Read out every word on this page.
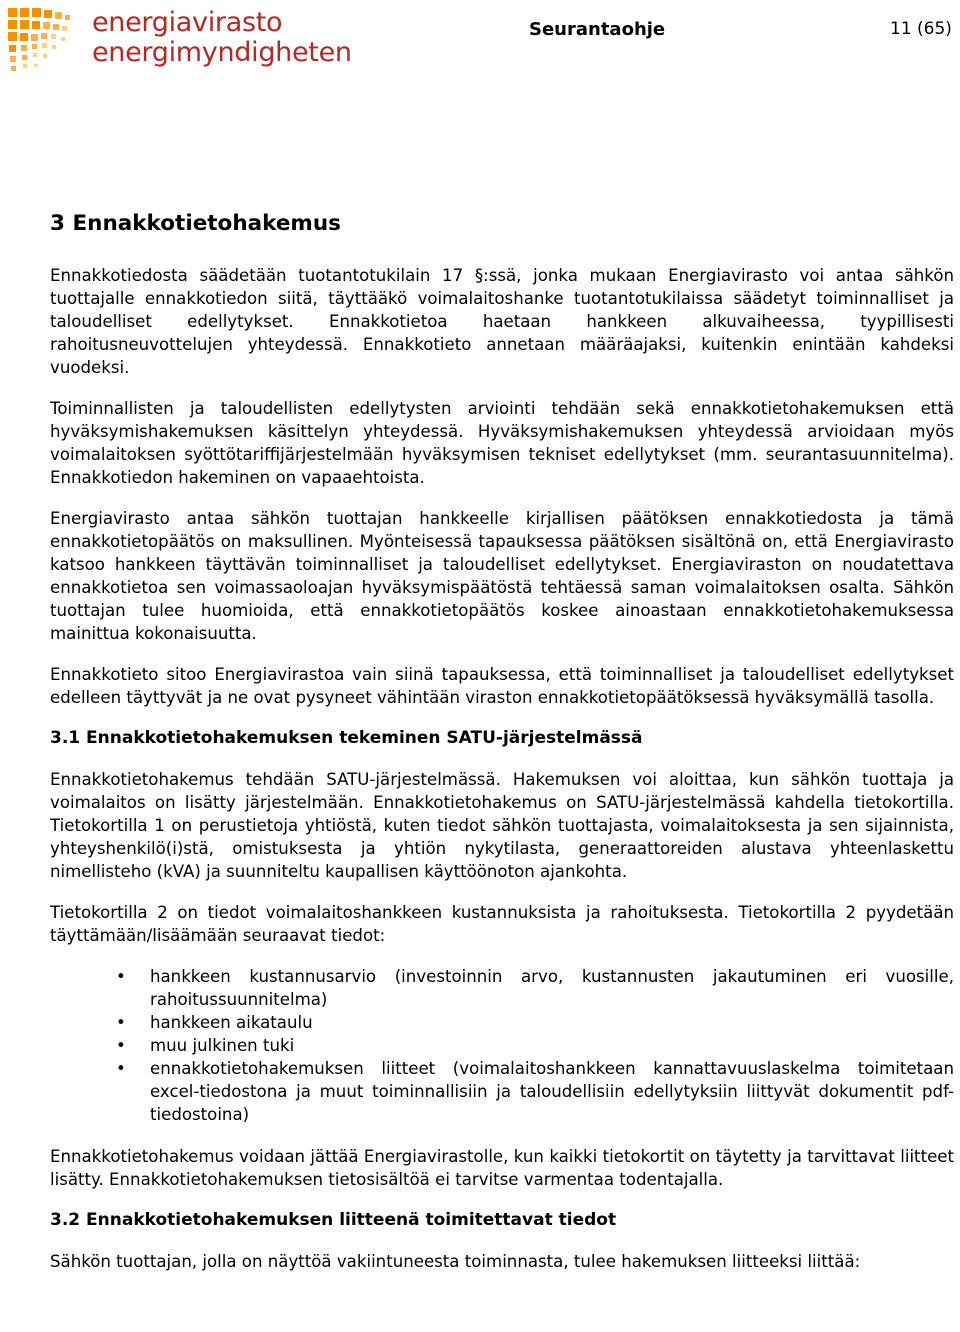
energiavirasto
energimyndigheten
Seurantaohje	11 (65)
3 Ennakkotietohakemus

Ennakkotiedosta säädetään tuotantotukilain 17 §:ssä, jonka mukaan Energiavirasto voi antaa sähkön tuottajalle ennakkotiedon siitä, täyttääkö voimalaitoshanke tuotantotukilaissa säädetyt toiminnalliset ja taloudelliset edellytykset. Ennakkotietoa haetaan hankkeen alkuvaiheessa, tyypillisesti rahoitusneuvottelujen yhteydessä. Ennakkotieto annetaan määräajaksi, kuitenkin enintään kahdeksi vuodeksi.

Toiminnallisten ja taloudellisten edellytysten arviointi tehdään sekä ennakkotietohakemuksen että hyväksymishakemuksen käsittelyn yhteydessä. Hyväksymishakemuksen yhteydessä arvioidaan myös voimalaitoksen syöttötariffijärjestelmään hyväksymisen tekniset edellytykset (mm. seurantasuunnitelma). Ennakkotiedon hakeminen on vapaaehtoista.

Energiavirasto antaa sähkön tuottajan hankkeelle kirjallisen päätöksen ennakkotiedosta ja tämä ennakkotietopäätös on maksullinen. Myönteisessä tapauksessa päätöksen sisältönä on, että Energiavirasto katsoo hankkeen täyttävän toiminnalliset ja taloudelliset edellytykset. Energiaviraston on noudatettava ennakkotietoa sen voimassaoloajan hyväksymispäätöstä tehtäessä saman voimalaitoksen osalta. Sähkön tuottajan tulee huomioida, että ennakkotietopäätös koskee ainoastaan ennakkotietohakemuksessa mainittua kokonaisuutta.

Ennakkotieto sitoo Energiavirastoa vain siinä tapauksessa, että toiminnalliset ja taloudelliset edellytykset edelleen täyttyvät ja ne ovat pysyneet vähintään viraston ennakkotietopäätöksessä hyväksymällä tasolla.

3.1 Ennakkotietohakemuksen tekeminen SATU-järjestelmässä

Ennakkotietohakemus tehdään SATU-järjestelmässä. Hakemuksen voi aloittaa, kun sähkön tuottaja ja voimalaitos on lisätty järjestelmään. Ennakkotietohakemus on SATU-järjestelmässä kahdella tietokortilla. Tietokortilla 1 on perustietoja yhtiöstä, kuten tiedot sähkön tuottajasta, voimalaitoksesta ja sen sijainnista, yhteyshenkilö(i)stä, omistuksesta ja yhtiön nykytilasta, generaattoreiden alustava yhteenlaskettu nimellisteho (kVA) ja suunniteltu kaupallisen käyttöönoton ajankohta.

Tietokortilla 2 on tiedot voimalaitoshankkeen kustannuksista ja rahoituksesta. Tietokortilla 2 pyydetään täyttämään/lisäämään seuraavat tiedot:

• hankkeen kustannusarvio (investoinnin arvo, kustannusten jakautuminen eri vuosille, rahoitussuunnitelma)
• hankkeen aikataulu
• muu julkinen tuki
• ennakkotietohakemuksen liitteet (voimalaitoshankkeen kannattavuuslaskelma toimitetaan excel-tiedostona ja muut toiminnallisiin ja taloudellisiin edellytyksiin liittyvät dokumentit pdf-tiedostoina)

Ennakkotietohakemus voidaan jättää Energiavirastolle, kun kaikki tietokortit on täytetty ja tarvittavat liitteet lisätty. Ennakkotietohakemuksen tietosisältöä ei tarvitse varmentaa todentajalla.

3.2 Ennakkotietohakemuksen liitteenä toimitettavat tiedot

Sähkön tuottajan, jolla on näyttöä vakiintuneesta toiminnasta, tulee hakemuksen liitteeksi liittää:
